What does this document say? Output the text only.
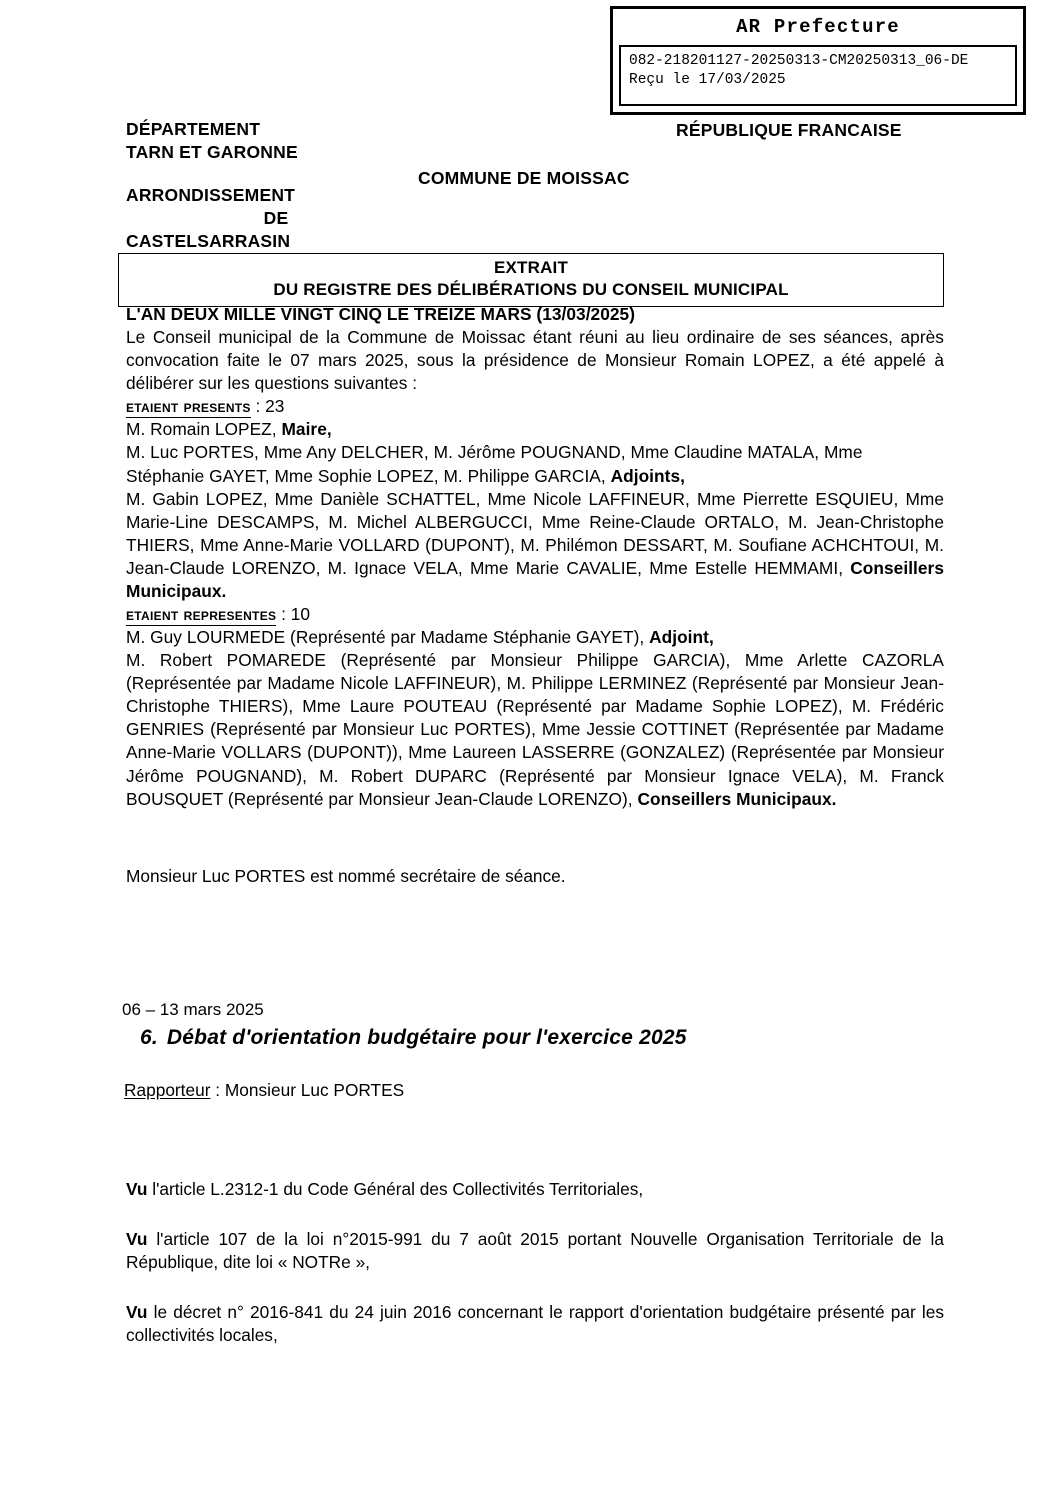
AR Prefecture
082-218201127-20250313-CM20250313_06-DE
Reçu le 17/03/2025
DÉPARTEMENT
TARN ET GARONNE
ARRONDISSEMENT
DE
CASTELSARRASIN
RÉPUBLIQUE FRANCAISE
COMMUNE DE MOISSAC
EXTRAIT
DU REGISTRE DES DÉLIBÉRATIONS DU CONSEIL MUNICIPAL

L'AN DEUX MILLE VINGT CINQ LE TREIZE MARS (13/03/2025)

Le Conseil municipal de la Commune de Moissac étant réuni au lieu ordinaire de ses séances, après convocation faite le 07 mars 2025, sous la présidence de Monsieur Romain LOPEZ, a été appelé à délibérer sur les questions suivantes :

etaient presents : 23

M. Romain LOPEZ, Maire,

M. Luc PORTES, Mme Any DELCHER, M. Jérôme POUGNAND, Mme Claudine MATALA, Mme Stéphanie GAYET, Mme Sophie LOPEZ, M. Philippe GARCIA, Adjoints,

M. Gabin LOPEZ, Mme Danièle SCHATTEL, Mme Nicole LAFFINEUR, Mme Pierrette ESQUIEU, Mme Marie-Line DESCAMPS, M. Michel ALBERGUCCI, Mme Reine-Claude ORTALO, M. Jean-Christophe THIERS, Mme Anne-Marie VOLLARD (DUPONT), M. Philémon DESSART, M. Soufiane ACHCHTOUI, M. Jean-Claude LORENZO, M. Ignace VELA, Mme Marie CAVALIE, Mme Estelle HEMMAMI, Conseillers Municipaux.

etaient representes : 10

M. Guy LOURMEDE (Représenté par Madame Stéphanie GAYET), Adjoint,

M. Robert POMAREDE (Représenté par Monsieur Philippe GARCIA), Mme Arlette CAZORLA (Représentée par Madame Nicole LAFFINEUR), M. Philippe LERMINEZ (Représenté par Monsieur Jean-Christophe THIERS), Mme Laure POUTEAU (Représenté par Madame Sophie LOPEZ), M. Frédéric GENRIES (Représenté par Monsieur Luc PORTES), Mme Jessie COTTINET (Représentée par Madame Anne-Marie VOLLARS (DUPONT)), Mme Laureen LASSERRE (GONZALEZ) (Représentée par Monsieur Jérôme POUGNAND), M. Robert DUPARC (Représenté par Monsieur Ignace VELA), M. Franck BOUSQUET (Représenté par Monsieur Jean-Claude LORENZO), Conseillers Municipaux.

Monsieur Luc PORTES est nommé secrétaire de séance.
06 – 13 mars 2025
6. Débat d'orientation budgétaire pour l'exercice 2025
Rapporteur : Monsieur Luc PORTES

Vu l'article L.2312-1 du Code Général des Collectivités Territoriales,

Vu l'article 107 de la loi n°2015-991 du 7 août 2015 portant Nouvelle Organisation Territoriale de la République, dite loi « NOTRe »,

Vu le décret n° 2016-841 du 24 juin 2016 concernant le rapport d'orientation budgétaire présenté par les collectivités locales,
